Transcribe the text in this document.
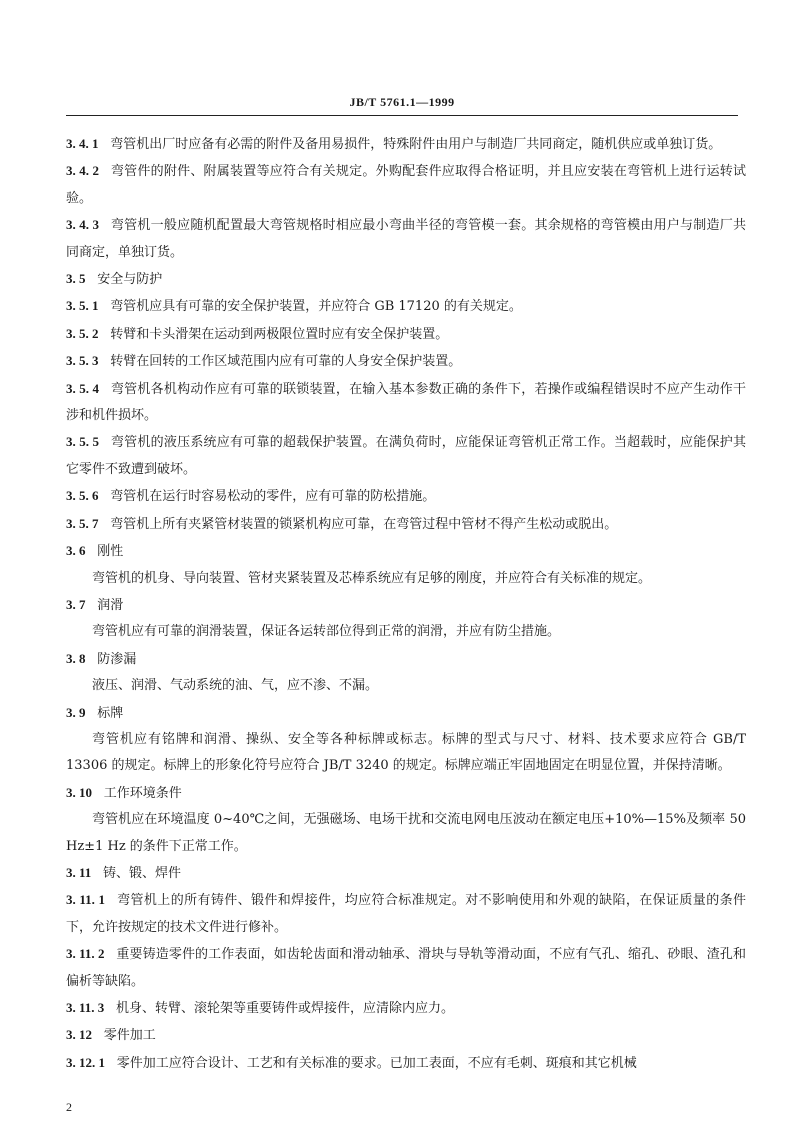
JB/T 5761.1—1999

3. 4. 1 弯管机出厂时应备有必需的附件及备用易损件，特殊附件由用户与制造厂共同商定，随机供应或单独订货。

3. 4. 2 弯管件的附件、附属装置等应符合有关规定。外购配套件应取得合格证明，并且应安装在弯管机上进行运转试验。

3. 4. 3 弯管机一般应随机配置最大弯管规格时相应最小弯曲半径的弯管模一套。其余规格的弯管模由用户与制造厂共同商定，单独订货。

3. 5 安全与防护

3. 5. 1 弯管机应具有可靠的安全保护装置，并应符合 GB 17120 的有关规定。

3. 5. 2 转臂和卡头滑架在运动到两极限位置时应有安全保护装置。

3. 5. 3 转臂在回转的工作区域范围内应有可靠的人身安全保护装置。

3. 5. 4 弯管机各机构动作应有可靠的联锁装置，在输入基本参数正确的条件下，若操作或编程错误时不应产生动作干涉和机件损坏。

3. 5. 5 弯管机的液压系统应有可靠的超载保护装置。在满负荷时，应能保证弯管机正常工作。当超载时，应能保护其它零件不致遭到破坏。

3. 5. 6 弯管机在运行时容易松动的零件，应有可靠的防松措施。

3. 5. 7 弯管机上所有夹紧管材装置的锁紧机构应可靠，在弯管过程中管材不得产生松动或脱出。

3. 6 刚性

弯管机的机身、导向装置、管材夹紧装置及芯棒系统应有足够的刚度，并应符合有关标准的规定。

3. 7 润滑

弯管机应有可靠的润滑装置，保证各运转部位得到正常的润滑，并应有防尘措施。

3. 8 防渗漏

液压、润滑、气动系统的油、气，应不渗、不漏。

3. 9 标牌

弯管机应有铭牌和润滑、操纵、安全等各种标牌或标志。标牌的型式与尺寸、材料、技术要求应符合 GB/T 13306 的规定。标牌上的形象化符号应符合 JB/T 3240 的规定。标牌应端正牢固地固定在明显位置，并保持清晰。

3. 10 工作环境条件

弯管机应在环境温度 0~40℃之间，无强磁场、电场干扰和交流电网电压波动在额定电压+10%—15%及频率 50 Hz±1 Hz 的条件下正常工作。

3. 11 铸、锻、焊件

3. 11. 1 弯管机上的所有铸件、锻件和焊接件，均应符合标准规定。对不影响使用和外观的缺陷，在保证质量的条件下，允许按规定的技术文件进行修补。

3. 11. 2 重要铸造零件的工作表面，如齿轮齿面和滑动轴承、滑块与导轨等滑动面，不应有气孔、缩孔、砂眼、渣孔和偏析等缺陷。

3. 11. 3 机身、转臂、滚轮架等重要铸件或焊接件，应清除内应力。

3. 12 零件加工

3. 12. 1 零件加工应符合设计、工艺和有关标准的要求。已加工表面，不应有毛刺、斑痕和其它机械

2
